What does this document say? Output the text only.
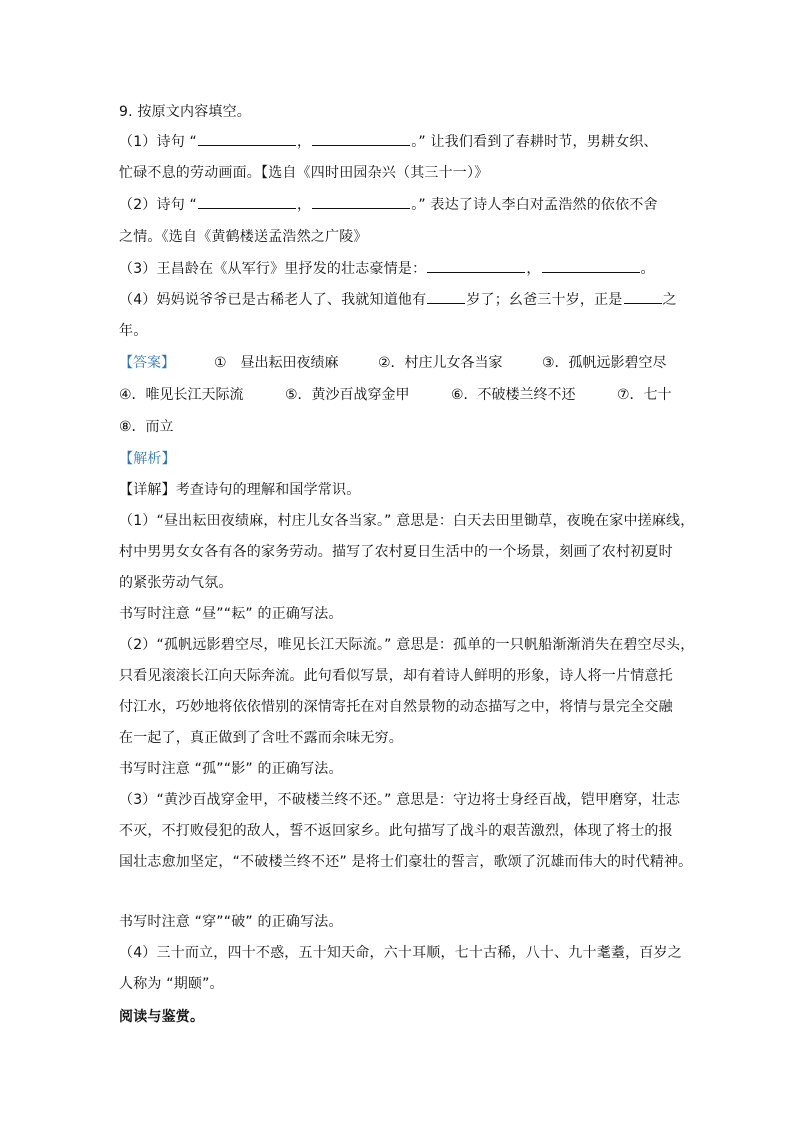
9. 按原文内容填空。
（1）诗句 “	，	。” 让我们看到了春耕时节，男耕女织、
忙碌不息的劳动画面。【选自《四时田园杂兴（其三十一）》
（2）诗句 “	，	。” 表达了诗人李白对孟浩然的依依不舍
之情。《选自《黄鹤楼送孟浩然之广陵》
（3）王昌龄在《从军行》里抒发的壮志豪情是：	，	。
（4）妈妈说爷爷已是古稀老人了、我就知道他有	岁了；幺爸三十岁，正是	之
年。
【答案】	①　昼出耘田夜绩麻	②．村庄儿女各当家	③．孤帆远影碧空尽
④．唯见长江天际流	⑤．黄沙百战穿金甲	⑥．不破楼兰终不还	⑦．七十
⑧．而立
【解析】
【详解】考查诗句的理解和国学常识。
（1）“昼出耘田夜绩麻，村庄儿女各当家。” 意思是：白天去田里锄草，夜晚在家中搓麻线，
村中男男女女各有各的家务劳动。描写了农村夏日生活中的一个场景，刻画了农村初夏时
的紧张劳动气氛。
书写时注意 “昼”“耘” 的正确写法。
（2）“孤帆远影碧空尽，唯见长江天际流。” 意思是：孤单的一只帆船渐渐消失在碧空尽头，
只看见滚滚长江向天际奔流。此句看似写景，却有着诗人鲜明的形象，诗人将一片情意托
付江水，巧妙地将依依惜别的深情寄托在对自然景物的动态描写之中，将情与景完全交融
在一起了，真正做到了含吐不露而余味无穷。
书写时注意 “孤”“影” 的正确写法。
（3）“黄沙百战穿金甲，不破楼兰终不还。” 意思是：守边将士身经百战，铠甲磨穿，壮志
不灭，不打败侵犯的敌人，誓不返回家乡。此句描写了战斗的艰苦激烈，体现了将士的报
国壮志愈加坚定，“不破楼兰终不还” 是将士们豪壮的誓言，歌颂了沉雄而伟大的时代精神。
书写时注意 “穿”“破” 的正确写法。
（4）三十而立，四十不惑，五十知天命，六十耳顺，七十古稀，八十、九十耄耋，百岁之
人称为 “期颐”。
阅读与鉴赏。
